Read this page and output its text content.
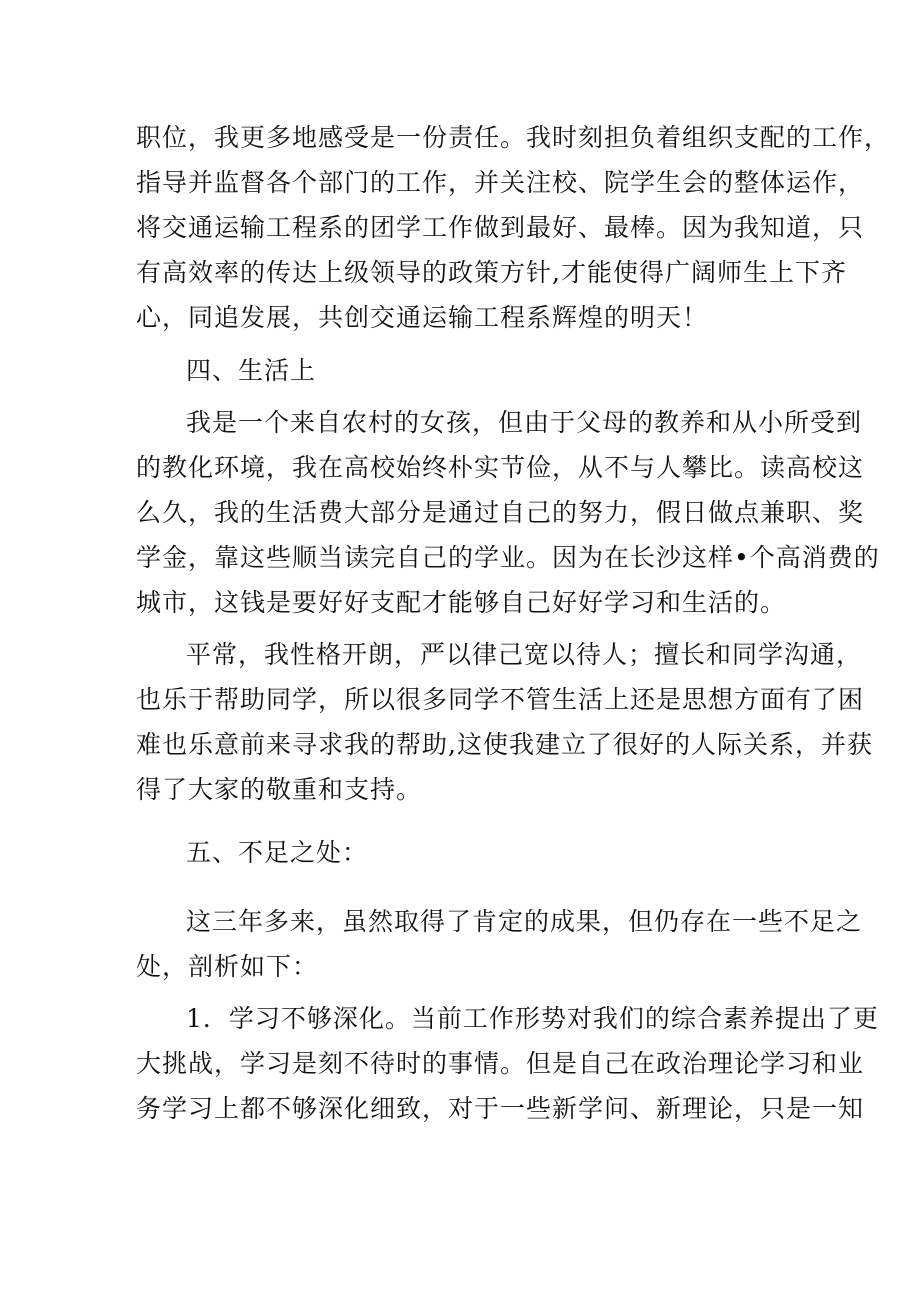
职位，我更多地感受是一份责任。我时刻担负着组织支配的工作，
指导并监督各个部门的工作，并关注校、院学生会的整体运作，
将交通运输工程系的团学工作做到最好、最棒。因为我知道，只
有高效率的传达上级领导的政策方针,才能使得广阔师生上下齐
心，同追发展，共创交通运输工程系辉煌的明天！
四、生活上
我是一个来自农村的女孩，但由于父母的教养和从小所受到
的教化环境，我在高校始终朴实节俭，从不与人攀比。读高校这
么久，我的生活费大部分是通过自己的努力，假日做点兼职、奖
学金，靠这些顺当读完自己的学业。因为在长沙这样•个高消费的
城市，这钱是要好好支配才能够自己好好学习和生活的。
平常，我性格开朗，严以律己宽以待人；擅长和同学沟通，
也乐于帮助同学，所以很多同学不管生活上还是思想方面有了困
难也乐意前来寻求我的帮助,这使我建立了很好的人际关系，并获
得了大家的敬重和支持。
五、不足之处：
这三年多来，虽然取得了肯定的成果，但仍存在一些不足之
处，剖析如下：
1．学习不够深化。当前工作形势对我们的综合素养提出了更
大挑战，学习是刻不待时的事情。但是自己在政治理论学习和业
务学习上都不够深化细致，对于一些新学问、新理论，只是一知
